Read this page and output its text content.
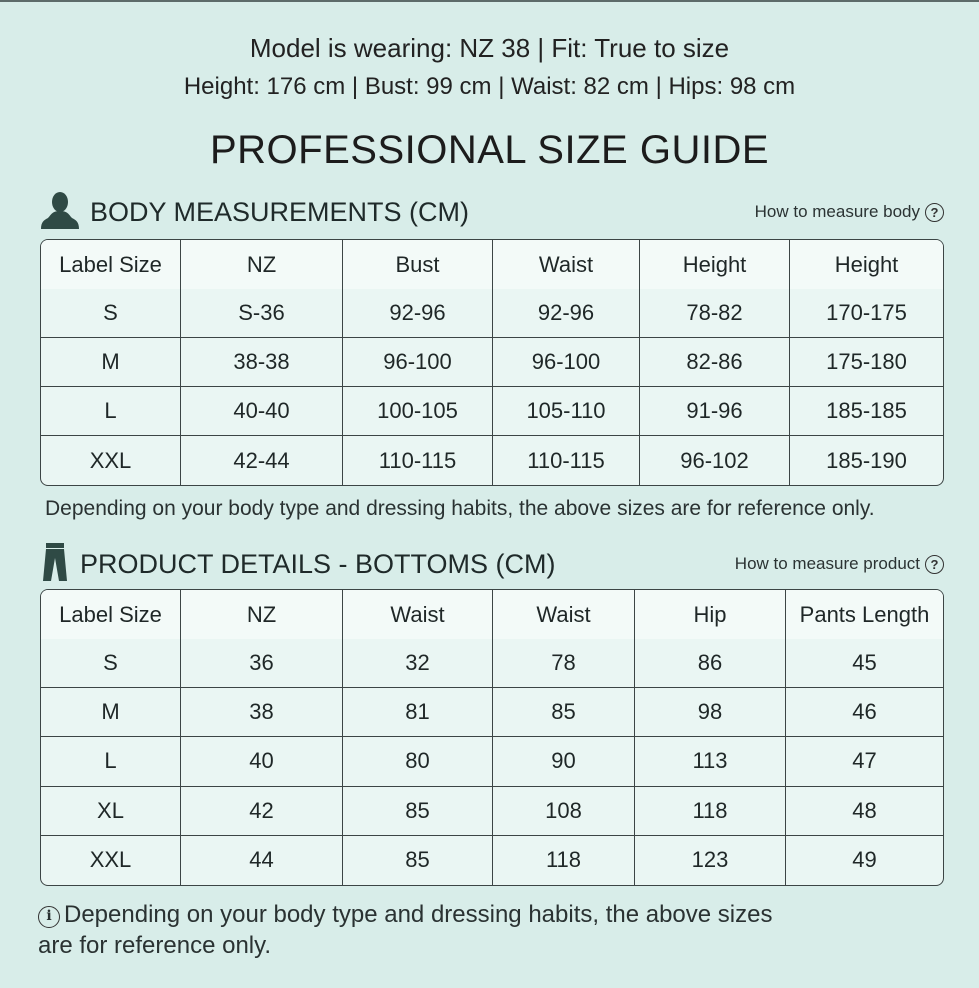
Model is wearing: NZ 38 | Fit: True to size
Height: 176 cm | Bust: 99 cm | Waist: 82 cm | Hips: 98 cm
PROFESSIONAL SIZE GUIDE
BODY MEASUREMENTS (CM)	How to measure body ?
Label Size	NZ	Bust	Waist	Height	Height
S	S-36	92-96	92-96	78-82	170-175
M	38-38	96-100	96-100	82-86	175-180
L	40-40	100-105	105-110	91-96	185-185
XXL	42-44	110-115	110-115	96-102	185-190
Depending on your body type and dressing habits, the above sizes are for reference only.
PRODUCT DETAILS - BOTTOMS (CM)	How to measure product ?
Label Size	NZ	Waist	Waist	Hip	Pants Length
S	36	32	78	86	45
M	38	81	85	98	46
L	40	80	90	113	47
XL	42	85	108	118	48
XXL	44	85	118	123	49
i Depending on your body type and dressing habits, the above sizes are for reference only.
